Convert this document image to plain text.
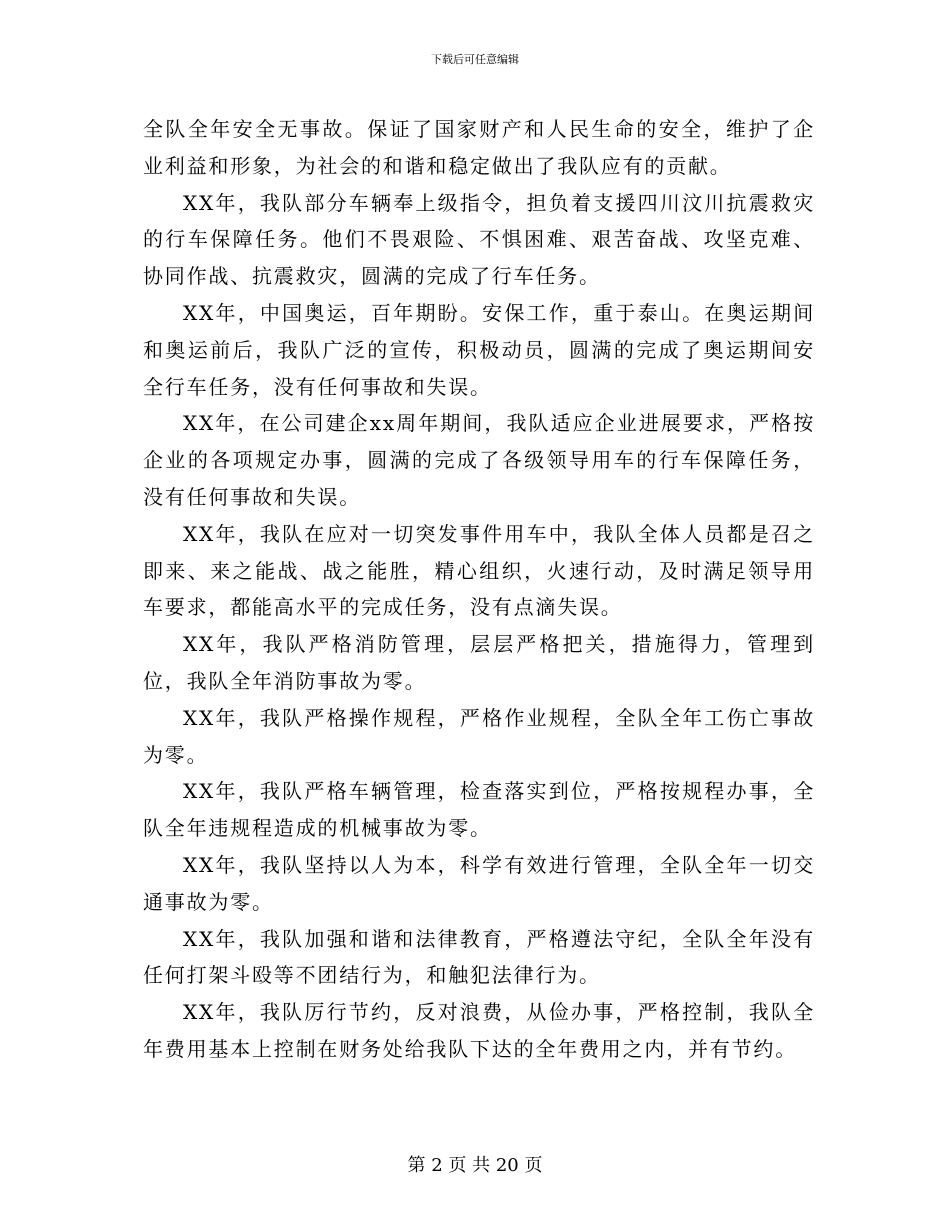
下载后可任意编辑

全队全年安全无事故。保证了国家财产和人民生命的安全，维护了企业利益和形象，为社会的和谐和稳定做出了我队应有的贡献。

XX年，我队部分车辆奉上级指令，担负着支援四川汶川抗震救灾的行车保障任务。他们不畏艰险、不惧困难、艰苦奋战、攻坚克难、协同作战、抗震救灾，圆满的完成了行车任务。

XX年，中国奥运，百年期盼。安保工作，重于泰山。在奥运期间和奥运前后，我队广泛的宣传，积极动员，圆满的完成了奥运期间安全行车任务，没有任何事故和失误。

XX年，在公司建企xx周年期间，我队适应企业进展要求，严格按企业的各项规定办事，圆满的完成了各级领导用车的行车保障任务，没有任何事故和失误。

XX年，我队在应对一切突发事件用车中，我队全体人员都是召之即来、来之能战、战之能胜，精心组织，火速行动，及时满足领导用车要求，都能高水平的完成任务，没有点滴失误。

XX年，我队严格消防管理，层层严格把关，措施得力，管理到位，我队全年消防事故为零。

XX年，我队严格操作规程，严格作业规程，全队全年工伤亡事故为零。

XX年，我队严格车辆管理，检查落实到位，严格按规程办事，全队全年违规程造成的机械事故为零。

XX年，我队坚持以人为本，科学有效进行管理，全队全年一切交通事故为零。

XX年，我队加强和谐和法律教育，严格遵法守纪，全队全年没有任何打架斗殴等不团结行为，和触犯法律行为。

XX年，我队厉行节约，反对浪费，从俭办事，严格控制，我队全年费用基本上控制在财务处给我队下达的全年费用之内，并有节约。

第 2 页 共 20 页
